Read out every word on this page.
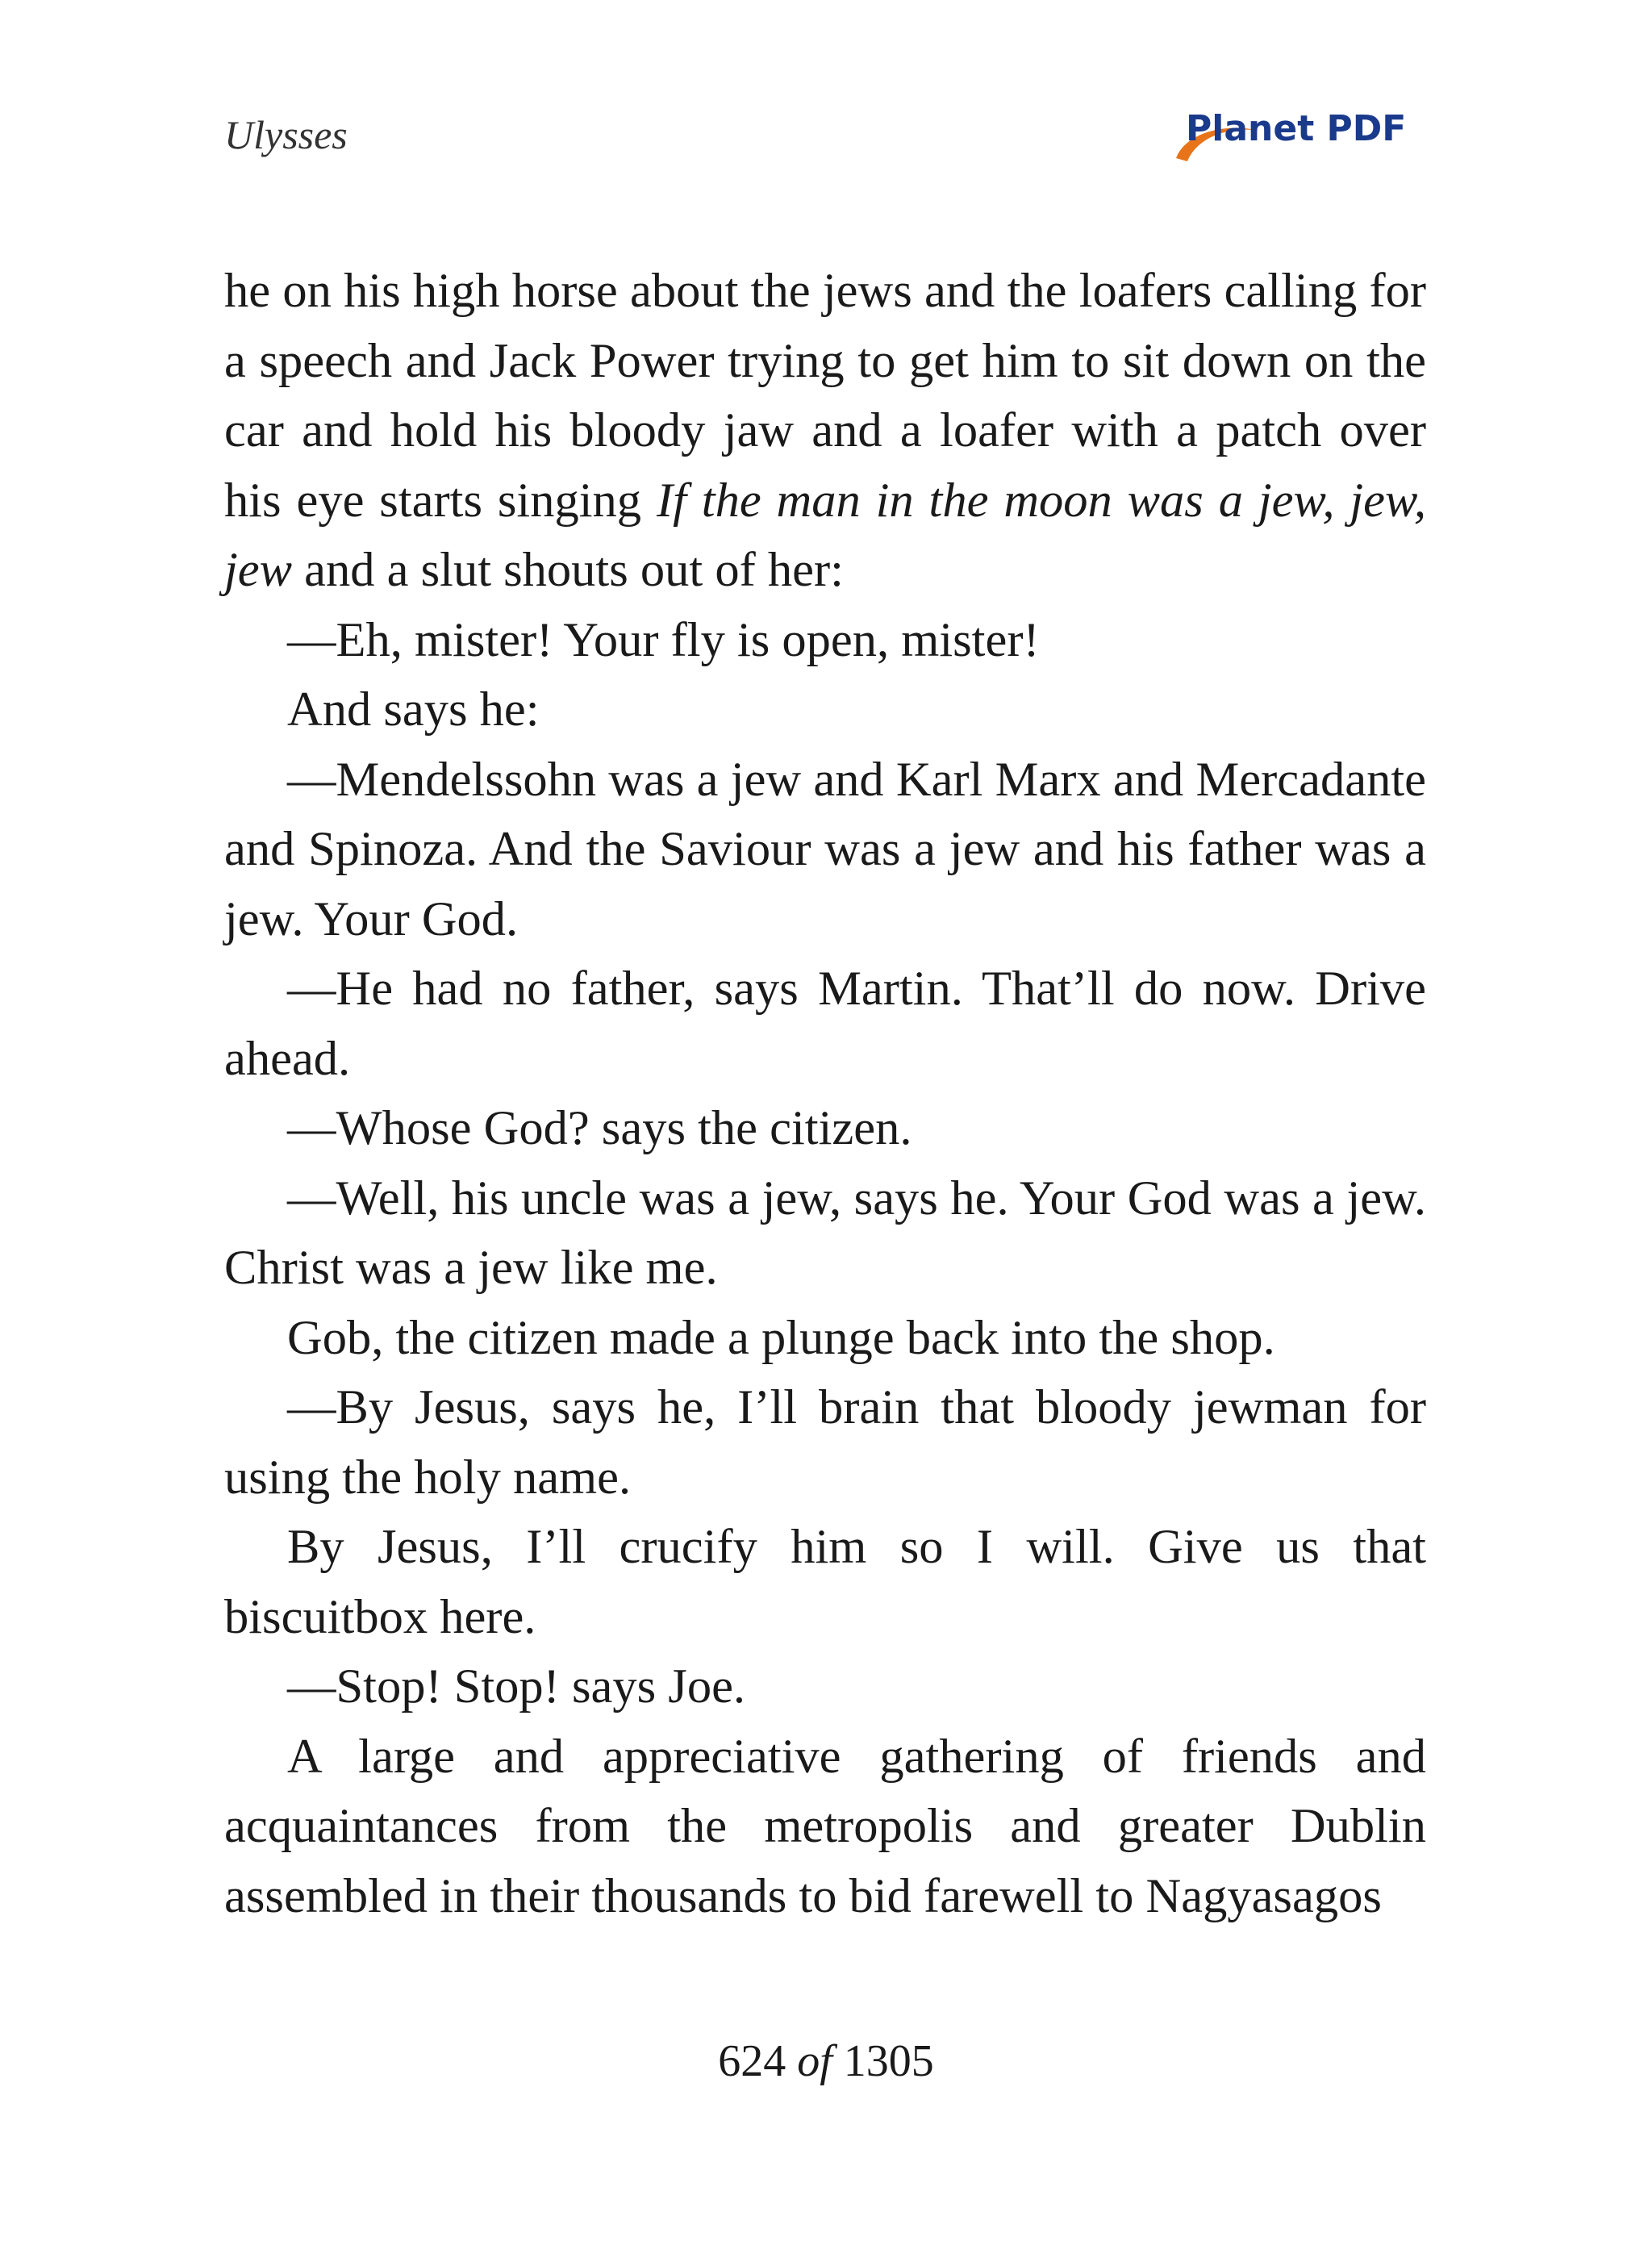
Ulysses	Planet PDF

he on his high horse about the jews and the loafers calling for a speech and Jack Power trying to get him to sit down on the car and hold his bloody jaw and a loafer with a patch over his eye starts singing If the man in the moon was a jew, jew, jew and a slut shouts out of her:

—Eh, mister! Your fly is open, mister!

And says he:

—Mendelssohn was a jew and Karl Marx and Mercadante and Spinoza. And the Saviour was a jew and his father was a jew. Your God.

—He had no father, says Martin. That’ll do now. Drive ahead.

—Whose God? says the citizen.

—Well, his uncle was a jew, says he. Your God was a jew. Christ was a jew like me.

Gob, the citizen made a plunge back into the shop.

—By Jesus, says he, I’ll brain that bloody jewman for using the holy name.

By Jesus, I’ll crucify him so I will. Give us that biscuitbox here.

—Stop! Stop! says Joe.

A large and appreciative gathering of friends and acquaintances from the metropolis and greater Dublin assembled in their thousands to bid farewell to Nagyasagos

624 of 1305
